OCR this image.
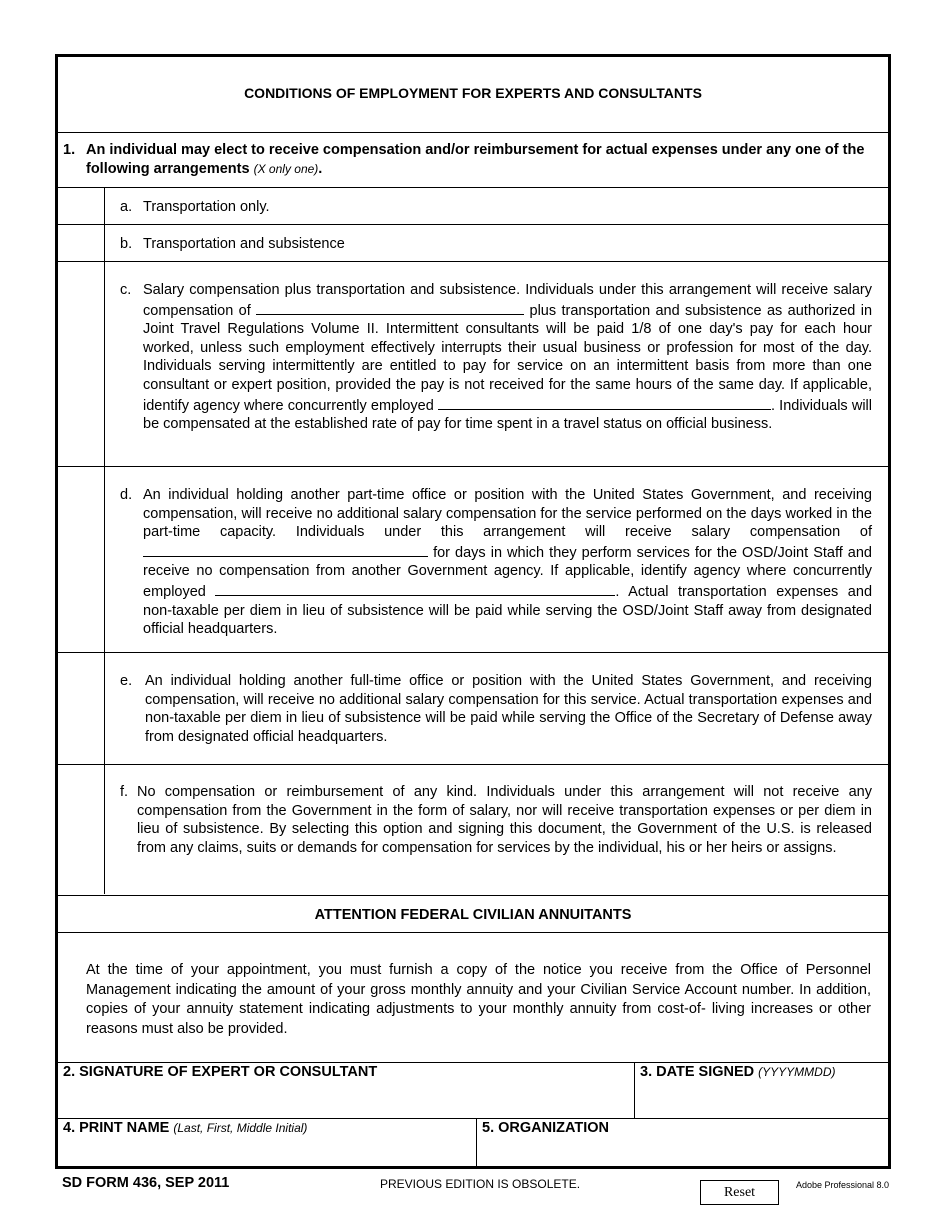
CONDITIONS OF EMPLOYMENT FOR EXPERTS AND CONSULTANTS
1. An individual may elect to receive compensation and/or reimbursement for actual expenses under any one of the following arrangements (X only one).
a. Transportation only.
b. Transportation and subsistence
c. Salary compensation plus transportation and subsistence. Individuals under this arrangement will receive salary compensation of	plus transportation and subsistence as authorized in Joint Travel Regulations Volume II. Intermittent consultants will be paid 1/8 of one day's pay for each hour worked, unless such employment effectively interrupts their usual business or profession for most of the day. Individuals serving intermittently are entitled to pay for service on an intermittent basis from more than one consultant or expert position, provided the pay is not received for the same hours of the same day. If applicable, identify agency where concurrently employed	. Individuals will be compensated at the established rate of pay for time spent in a travel status on official business.
d. An individual holding another part-time office or position with the United States Government, and receiving compensation, will receive no additional salary compensation for the service performed on the days worked in the part-time capacity. Individuals under this arrangement will receive salary compensation of  for days in which they perform services for the OSD/Joint Staff and receive no compensation from another Government agency. If applicable, identify agency where concurrently employed	. Actual transportation expenses and non-taxable per diem in lieu of subsistence will be paid while serving the OSD/Joint Staff away from designated official headquarters.
e. An individual holding another full-time office or position with the United States Government, and receiving compensation, will receive no additional salary compensation for this service. Actual transportation expenses and non-taxable per diem in lieu of subsistence will be paid while serving the Office of the Secretary of Defense away from designated official headquarters.
f. No compensation or reimbursement of any kind. Individuals under this arrangement will not receive any compensation from the Government in the form of salary, nor will receive transportation expenses or per diem in lieu of subsistence. By selecting this option and signing this document, the Government of the U.S. is released from any claims, suits or demands for compensation for services by the individual, his or her heirs or assigns.
ATTENTION FEDERAL CIVILIAN ANNUITANTS
At the time of your appointment, you must furnish a copy of the notice you receive from the Office of Personnel Management indicating the amount of your gross monthly annuity and your Civilian Service Account number. In addition, copies of your annuity statement indicating adjustments to your monthly annuity from cost-of- living increases or other reasons must also be provided.
2. SIGNATURE OF EXPERT OR CONSULTANT	3. DATE SIGNED (YYYYMMDD)
4. PRINT NAME (Last, First, Middle Initial)	5. ORGANIZATION
SD FORM 436, SEP 2011	PREVIOUS EDITION IS OBSOLETE.
Reset	Adobe Professional 8.0
